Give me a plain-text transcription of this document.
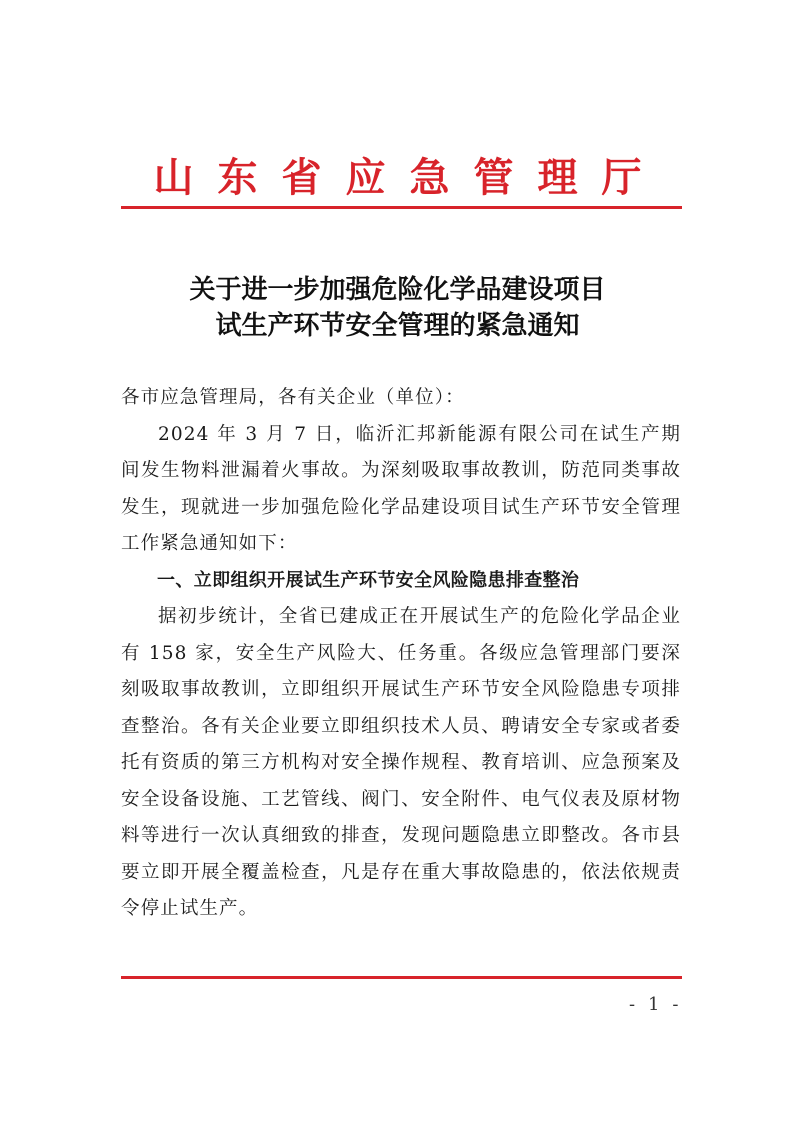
山东省应急管理厅
关于进一步加强危险化学品建设项目
试生产环节安全管理的紧急通知

各市应急管理局，各有关企业（单位）：

2024 年 3 月 7 日，临沂汇邦新能源有限公司在试生产期间发生物料泄漏着火事故。为深刻吸取事故教训，防范同类事故发生，现就进一步加强危险化学品建设项目试生产环节安全管理工作紧急通知如下：

一、立即组织开展试生产环节安全风险隐患排查整治

据初步统计，全省已建成正在开展试生产的危险化学品企业有 158 家，安全生产风险大、任务重。各级应急管理部门要深刻吸取事故教训，立即组织开展试生产环节安全风险隐患专项排查整治。各有关企业要立即组织技术人员、聘请安全专家或者委托有资质的第三方机构对安全操作规程、教育培训、应急预案及安全设备设施、工艺管线、阀门、安全附件、电气仪表及原材物料等进行一次认真细致的排查，发现问题隐患立即整改。各市县要立即开展全覆盖检查，凡是存在重大事故隐患的，依法依规责令停止试生产。

- 1 -
